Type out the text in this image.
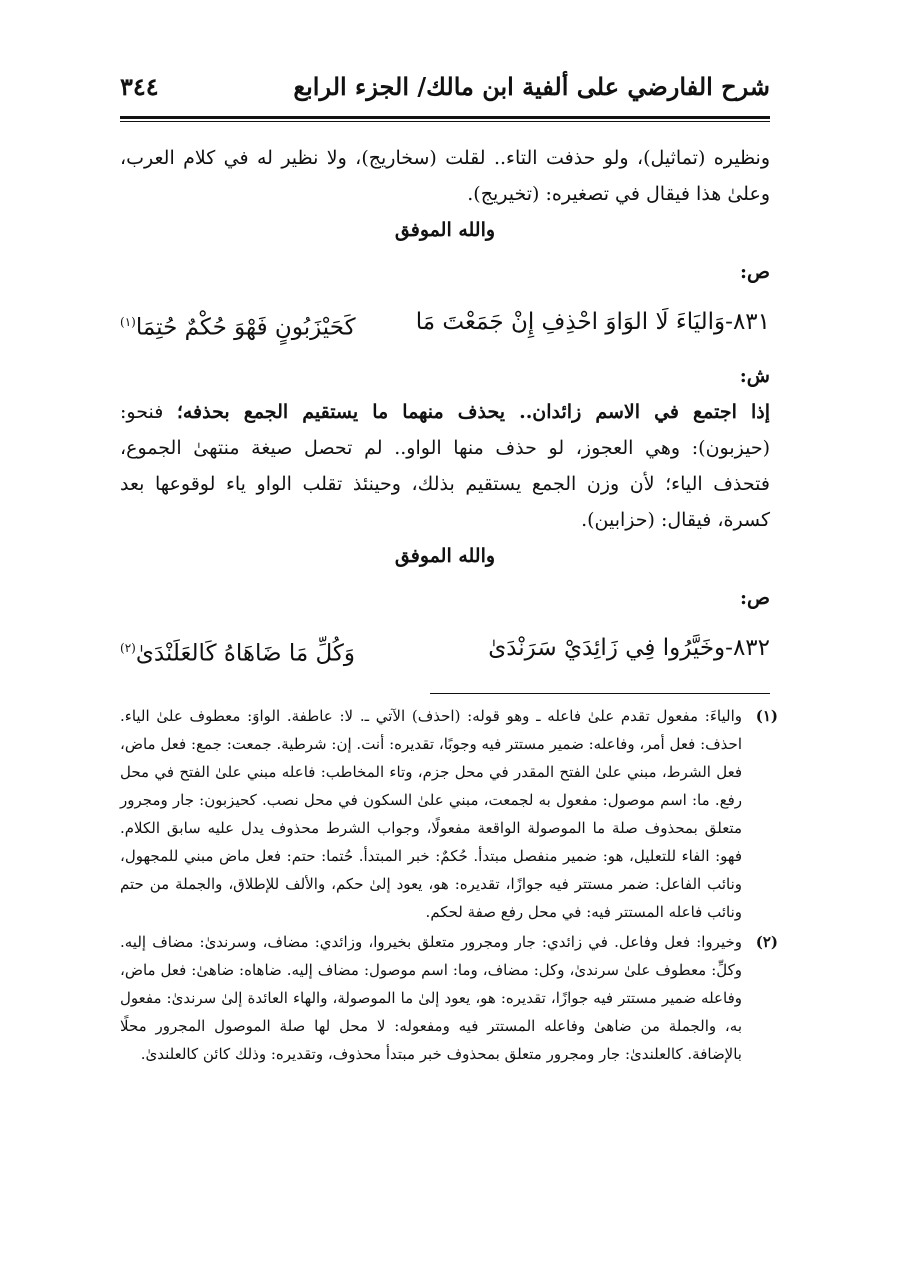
شرح الفارضي على ألفية ابن مالك/ الجزء الرابع
٣٤٤

ونظيره (تماثيل)، ولو حذفت التاء.. لقلت (سخاريج)، ولا نظير له في كلام العرب، وعلىٰ هذا فيقال في تصغيره: (تخيريج).

والله الموفق

ص:

٨٣١-وَاليَاءَ لَا الوَاوَ احْذِفِ إِنْ جَمَعْتَ مَا
كَحَيْزَبُونٍ فَهْوَ حُكْمٌ حُتِمَا$^{(١)}$

ش:

إذا اجتمع في الاسم زائدان.. يحذف منهما ما يستقيم الجمع بحذفه؛ فنحو: (حيزبون): وهي العجوز، لو حذف منها الواو.. لم تحصل صيغة منتهىٰ الجموع، فتحذف الياء؛ لأن وزن الجمع يستقيم بذلك، وحينئذ تقلب الواو ياء لوقوعها بعد كسرة، فيقال: (حزابين).

والله الموفق

ص:

٨٣٢-وخَيَّرُوا فِي زَائِدَيْ سَرَنْدَىٰ
وَكُلِّ مَا ضَاهَاهُ كَالعَلَنْدَىٰ$^{(٢)}$
(١)
والياءَ: مفعول تقدم علىٰ فاعله ـ وهو قوله: (احذف) الآتي ـ. لا: عاطفة. الواوَ: معطوف علىٰ الياء. احذف: فعل أمر، وفاعله: ضمير مستتر فيه وجوبًا، تقديره: أنت. إن: شرطية. جمعت: جمع: فعل ماض، فعل الشرط، مبني علىٰ الفتح المقدر في محل جزم، وتاء المخاطب: فاعله مبني علىٰ الفتح في محل رفع. ما: اسم موصول: مفعول به لجمعت، مبني علىٰ السكون في محل نصب. كحيزبون: جار ومجرور متعلق بمحذوف صلة ما الموصولة الواقعة مفعولًا، وجواب الشرط محذوف يدل عليه سابق الكلام. فهو: الفاء للتعليل، هو: ضمير منفصل مبتدأ. حُكمٌ: خبر المبتدأ. حُتما: حتم: فعل ماض مبني للمجهول، ونائب الفاعل: ضمر مستتر فيه جوازًا، تقديره: هو، يعود إلىٰ حكم، والألف للإطلاق، والجملة من حتم ونائب فاعله المستتر فيه: في محل رفع صفة لحكم.
(٢)
وخيروا: فعل وفاعل. في زائدي: جار ومجرور متعلق بخيروا، وزائدي: مضاف، وسرندىٰ: مضاف إليه. وكلِّ: معطوف علىٰ سرندىٰ، وكل: مضاف، وما: اسم موصول: مضاف إليه. ضاهاه: ضاهىٰ: فعل ماض، وفاعله ضمير مستتر فيه جوازًا، تقديره: هو، يعود إلىٰ ما الموصولة، والهاء العائدة إلىٰ سرندىٰ: مفعول به، والجملة من ضاهىٰ وفاعله المستتر فيه ومفعوله: لا محل لها صلة الموصول المجرور محلًا بالإضافة. كالعلندىٰ: جار ومجرور متعلق بمحذوف خبر مبتدأ محذوف، وتقديره: وذلك كائن كالعلندىٰ.
